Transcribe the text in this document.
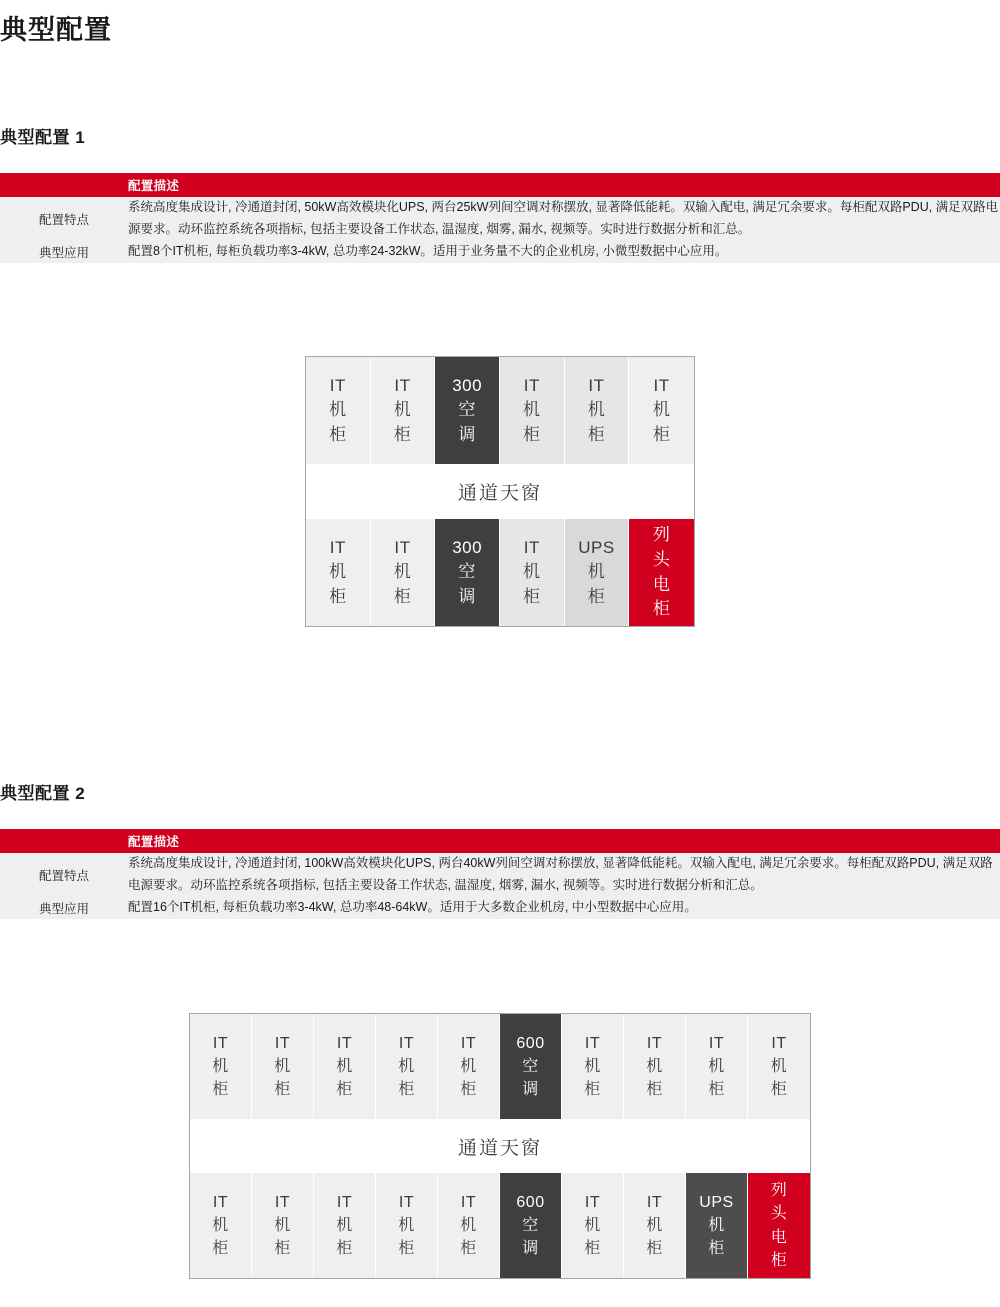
典型配置
典型配置 1
	配置描述
配置特点	系统高度集成设计, 冷通道封闭, 50kW高效模块化UPS, 两台25kW列间空调对称摆放, 显著降低能耗。双输入配电, 满足冗余要求。每柜配双路PDU, 满足双路电源要求。动环监控系统各项指标, 包括主要设备工作状态, 温湿度, 烟雾, 漏水, 视频等。实时进行数据分析和汇总。
典型应用	配置8个IT机柜, 每柜负载功率3-4kW, 总功率24-32kW。适用于业务量不大的企业机房, 小微型数据中心应用。
IT
机
柜
IT
机
柜
300
空
调
IT
机
柜
IT
机
柜
IT
机
柜
通道天窗
IT
机
柜
IT
机
柜
300
空
调
IT
机
柜
UPS
机
柜
列
头
电
柜
典型配置 2
	配置描述
配置特点	系统高度集成设计, 冷通道封闭, 100kW高效模块化UPS, 两台40kW列间空调对称摆放, 显著降低能耗。双输入配电, 满足冗余要求。每柜配双路PDU, 满足双路电源要求。动环监控系统各项指标, 包括主要设备工作状态, 温湿度, 烟雾, 漏水, 视频等。实时进行数据分析和汇总。
典型应用	配置16个IT机柜, 每柜负载功率3-4kW, 总功率48-64kW。适用于大多数企业机房, 中小型数据中心应用。
IT
机
柜
IT
机
柜
IT
机
柜
IT
机
柜
IT
机
柜
600
空
调
IT
机
柜
IT
机
柜
IT
机
柜
IT
机
柜
通道天窗
IT
机
柜
IT
机
柜
IT
机
柜
IT
机
柜
IT
机
柜
600
空
调
IT
机
柜
IT
机
柜
UPS
机
柜
列
头
电
柜
